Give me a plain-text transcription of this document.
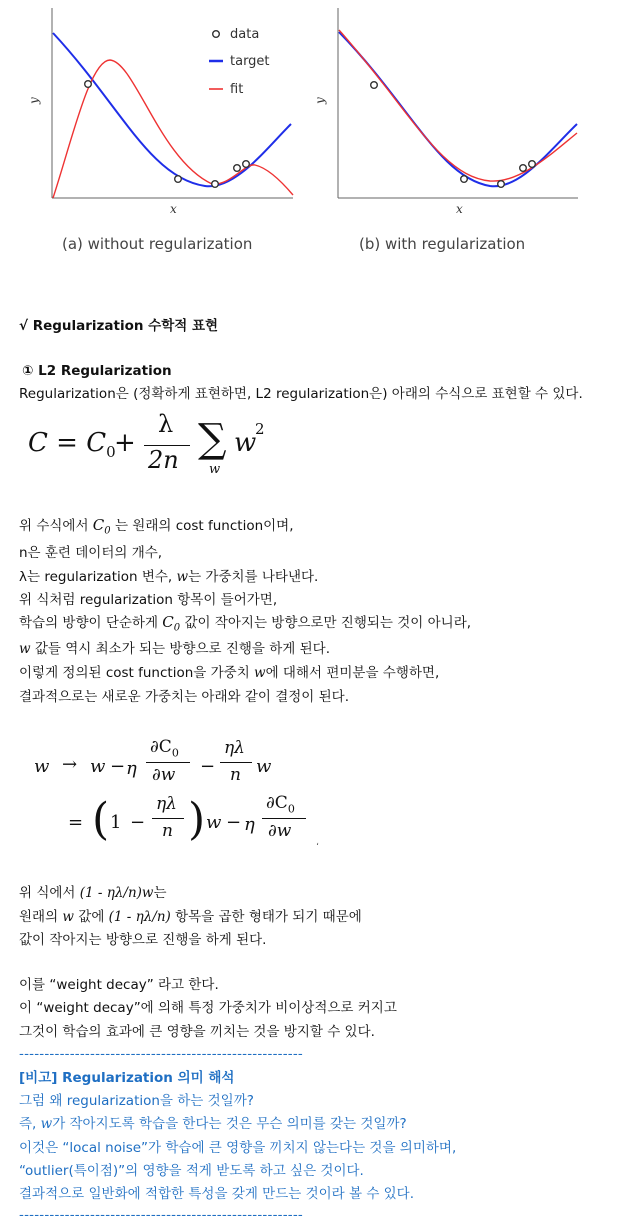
y
x
data
target
fit
y
x
(a) without regularization	(b) with regularization
√ Regularization 수학적 표현
① L2 Regularization
Regularization은 (정확하게 표현하면, L2 regularization은) 아래의 수식으로 표현할 수 있다.
$C = C_0$
+
λ
2n ∑
w
w
2
위 수식에서 $C_0$ 는 원래의 cost function이며,
n은 훈련 데이터의 개수,
λ는 regularization 변수, w는 가중치를 나타낸다.
위 식처럼 regularization 항목이 들어가면,
학습의 방향이 단순하게 $C_0$ 값이 작아지는 방향으로만 진행되는 것이 아니라,
w 값들 역시 최소가 되는 방향으로 진행을 하게 된다.
이렇게 정의된 cost function을 가중치 w에 대해서 편미분을 수행하면,
결과적으로는 새로운 가중치는 아래와 같이 결정이 된다.
w → w − η
$\partial C_0$
∂w −
ηλ
n w
= ( 1 −
ηλ
n ) w − η
$\partial C_0$
∂w
،
위 식에서 (1 - ηλ/n)w는
원래의 w 값에 (1 - ηλ/n) 항목을 곱한 형태가 되기 때문에
값이 작아지는 방향으로 진행을 하게 된다.
이를 “weight decay” 라고 한다.
이 “weight decay”에 의해 특정 가중치가 비이상적으로 커지고
그것이 학습의 효과에 큰 영향을 끼치는 것을 방지할 수 있다.
--------------------------------------------------------
[비고] Regularization 의미 해석
그럼 왜 regularization을 하는 것일까?
즉, w가 작아지도록 학습을 한다는 것은 무슨 의미를 갖는 것일까?
이것은 “local noise”가 학습에 큰 영향을 끼치지 않는다는 것을 의미하며,
“outlier(특이점)”의 영향을 적게 받도록 하고 싶은 것이다.
결과적으로 일반화에 적합한 특성을 갖게 만드는 것이라 볼 수 있다.
--------------------------------------------------------
